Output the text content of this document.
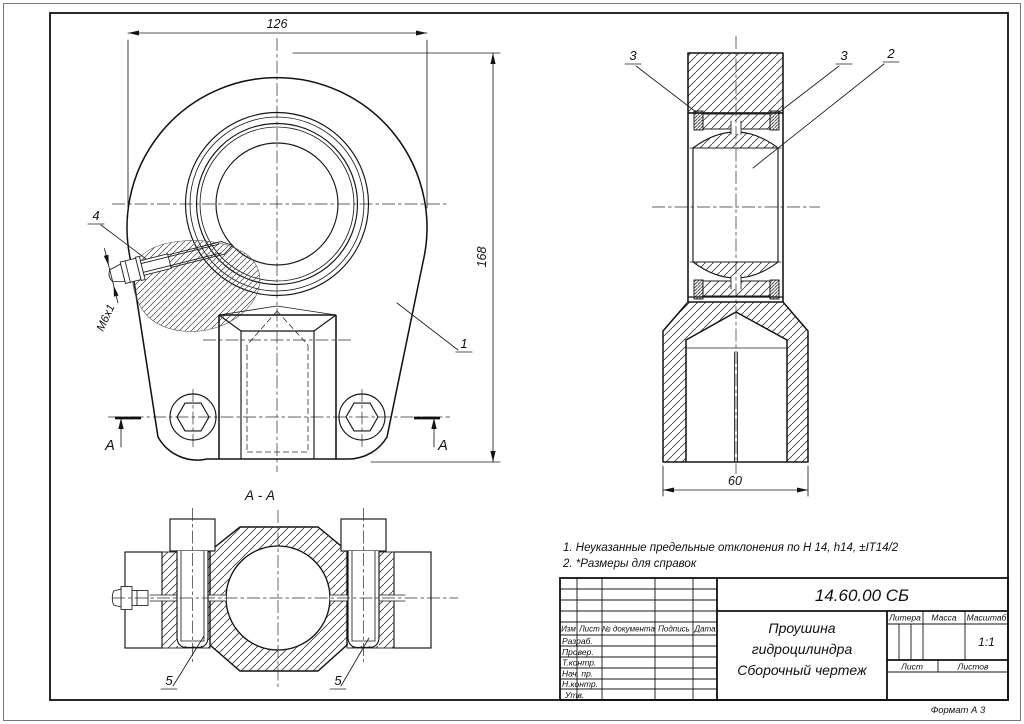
M6x1
126
168
1
4
A	A
60
3	3	2
А - А
5	5
1. Неуказанные предельные отклонения по H 14, h14, ±IT14/2
2. *Размеры для справок
14.60.00 СБ
Проушина
гидроцилиндра
Сборочный чертеж
Литера Масса Масштаб
1:1
Лист	Листов
Изм Лист № документа Подпись Дата
Разраб.
Провер.
Т.контр.
Нач. пр.
Н.контр.
Утв.
Формат А 3
